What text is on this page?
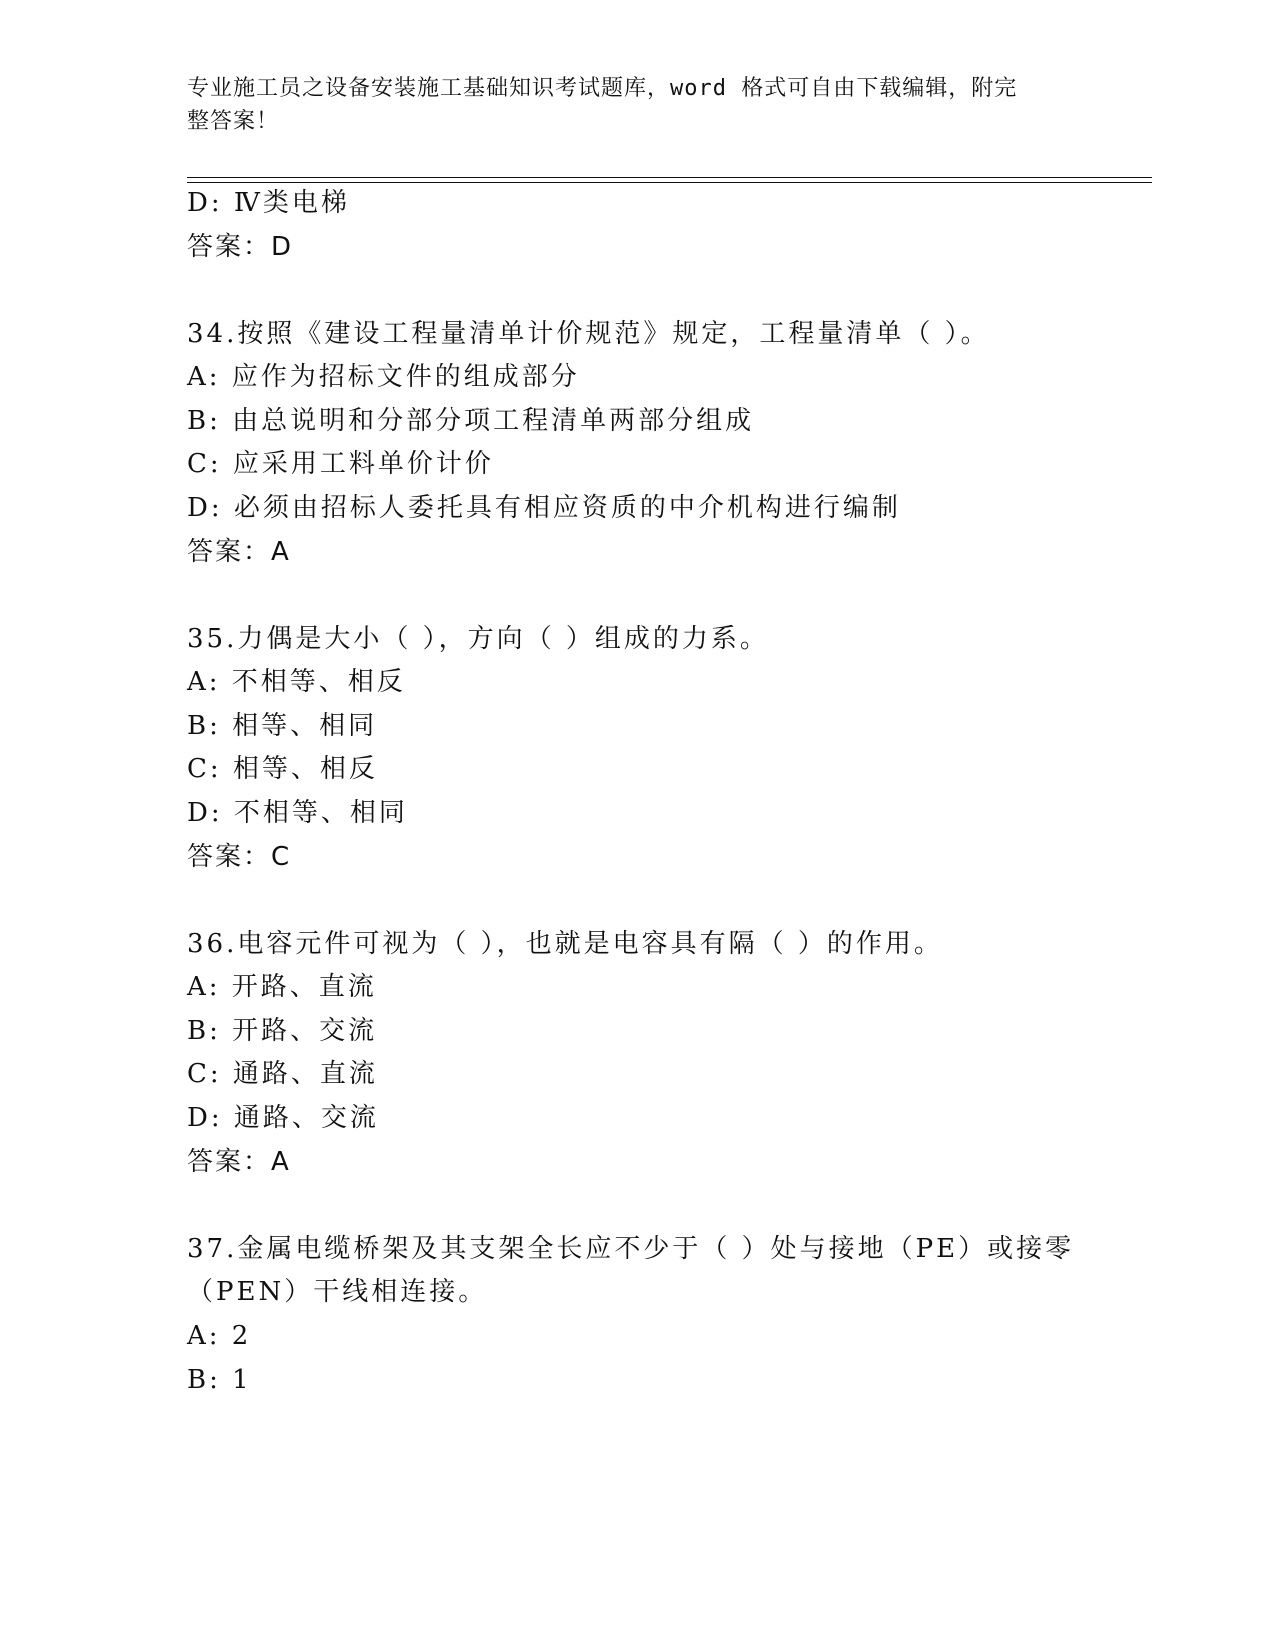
专业施工员之设备安装施工基础知识考试题库，word 格式可自由下载编辑，附完
整答案！
D: Ⅳ类电梯
答案：D
34.按照《建设工程量清单计价规范》规定，工程量清单（ ）。
A: 应作为招标文件的组成部分
B: 由总说明和分部分项工程清单两部分组成
C: 应采用工料单价计价
D: 必须由招标人委托具有相应资质的中介机构进行编制
答案：A
35.力偶是大小（ ），方向（ ）组成的力系。
A: 不相等、相反
B: 相等、相同
C: 相等、相反
D: 不相等、相同
答案：C
36.电容元件可视为（ ），也就是电容具有隔（ ）的作用。
A: 开路、直流
B: 开路、交流
C: 通路、直流
D: 通路、交流
答案：A
37.金属电缆桥架及其支架全长应不少于（ ）处与接地（PE）或接零
（PEN）干线相连接。
A: 2
B: 1
